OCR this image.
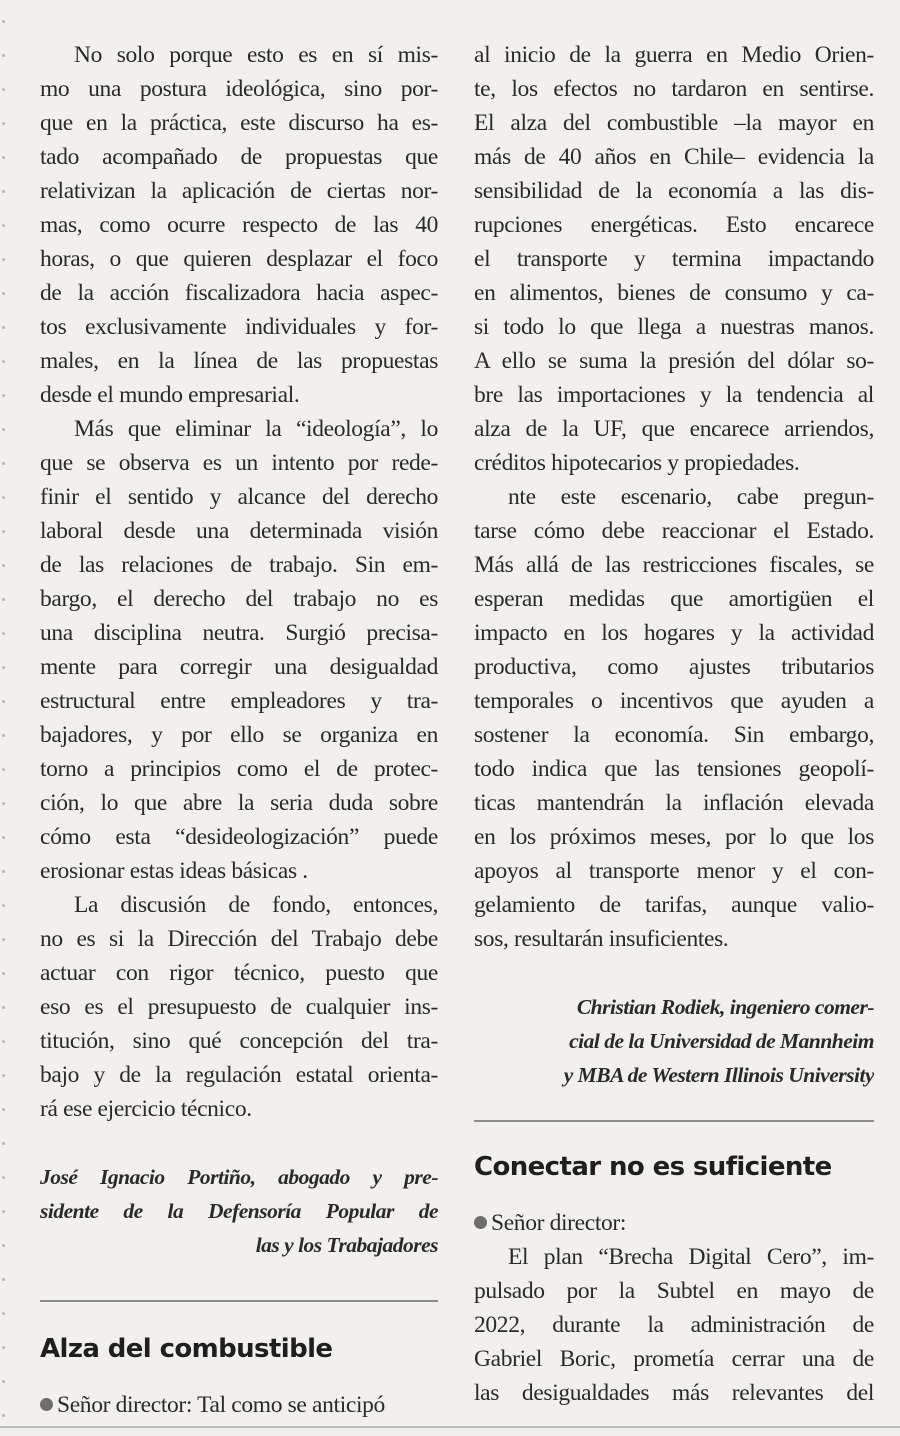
No solo porque esto es en sí mis-
mo una postura ideológica, sino por-
que en la práctica, este discurso ha es-
tado acompañado de propuestas que
relativizan la aplicación de ciertas nor-
mas, como ocurre respecto de las 40
horas, o que quieren desplazar el foco
de la acción fiscalizadora hacia aspec-
tos exclusivamente individuales y for-
males, en la línea de las propuestas
desde el mundo empresarial.
Más que eliminar la “ideología”, lo
que se observa es un intento por rede-
finir el sentido y alcance del derecho
laboral desde una determinada visión
de las relaciones de trabajo. Sin em-
bargo, el derecho del trabajo no es
una disciplina neutra. Surgió precisa-
mente para corregir una desigualdad
estructural entre empleadores y tra-
bajadores, y por ello se organiza en
torno a principios como el de protec-
ción, lo que abre la seria duda sobre
cómo esta “desideologización” puede
erosionar estas ideas básicas .
La discusión de fondo, entonces,
no es si la Dirección del Trabajo debe
actuar con rigor técnico, puesto que
eso es el presupuesto de cualquier ins-
titución, sino qué concepción del tra-
bajo y de la regulación estatal orienta-
rá ese ejercicio técnico.
José Ignacio Portiño, abogado y pre-
sidente de la Defensoría Popular de
las y los Trabajadores
Alza del combustible
Señor director: Tal como se anticipó
al inicio de la guerra en Medio Orien-
te, los efectos no tardaron en sentirse.
El alza del combustible –la mayor en
más de 40 años en Chile– evidencia la
sensibilidad de la economía a las dis-
rupciones energéticas. Esto encarece
el transporte y termina impactando
en alimentos, bienes de consumo y ca-
si todo lo que llega a nuestras manos.
A ello se suma la presión del dólar so-
bre las importaciones y la tendencia al
alza de la UF, que encarece arriendos,
créditos hipotecarios y propiedades.
nte este escenario, cabe pregun-
tarse cómo debe reaccionar el Estado.
Más allá de las restricciones fiscales, se
esperan medidas que amortigüen el
impacto en los hogares y la actividad
productiva, como ajustes tributarios
temporales o incentivos que ayuden a
sostener la economía. Sin embargo,
todo indica que las tensiones geopolí-
ticas mantendrán la inflación elevada
en los próximos meses, por lo que los
apoyos al transporte menor y el con-
gelamiento de tarifas, aunque valio-
sos, resultarán insuficientes.
Christian Rodiek, ingeniero comer-
cial de la Universidad de Mannheim
y MBA de Western Illinois University
Conectar no es suficiente
Señor director:
El plan “Brecha Digital Cero”, im-
pulsado por la Subtel en mayo de
2022, durante la administración de
Gabriel Boric, prometía cerrar una de
las desigualdades más relevantes del
